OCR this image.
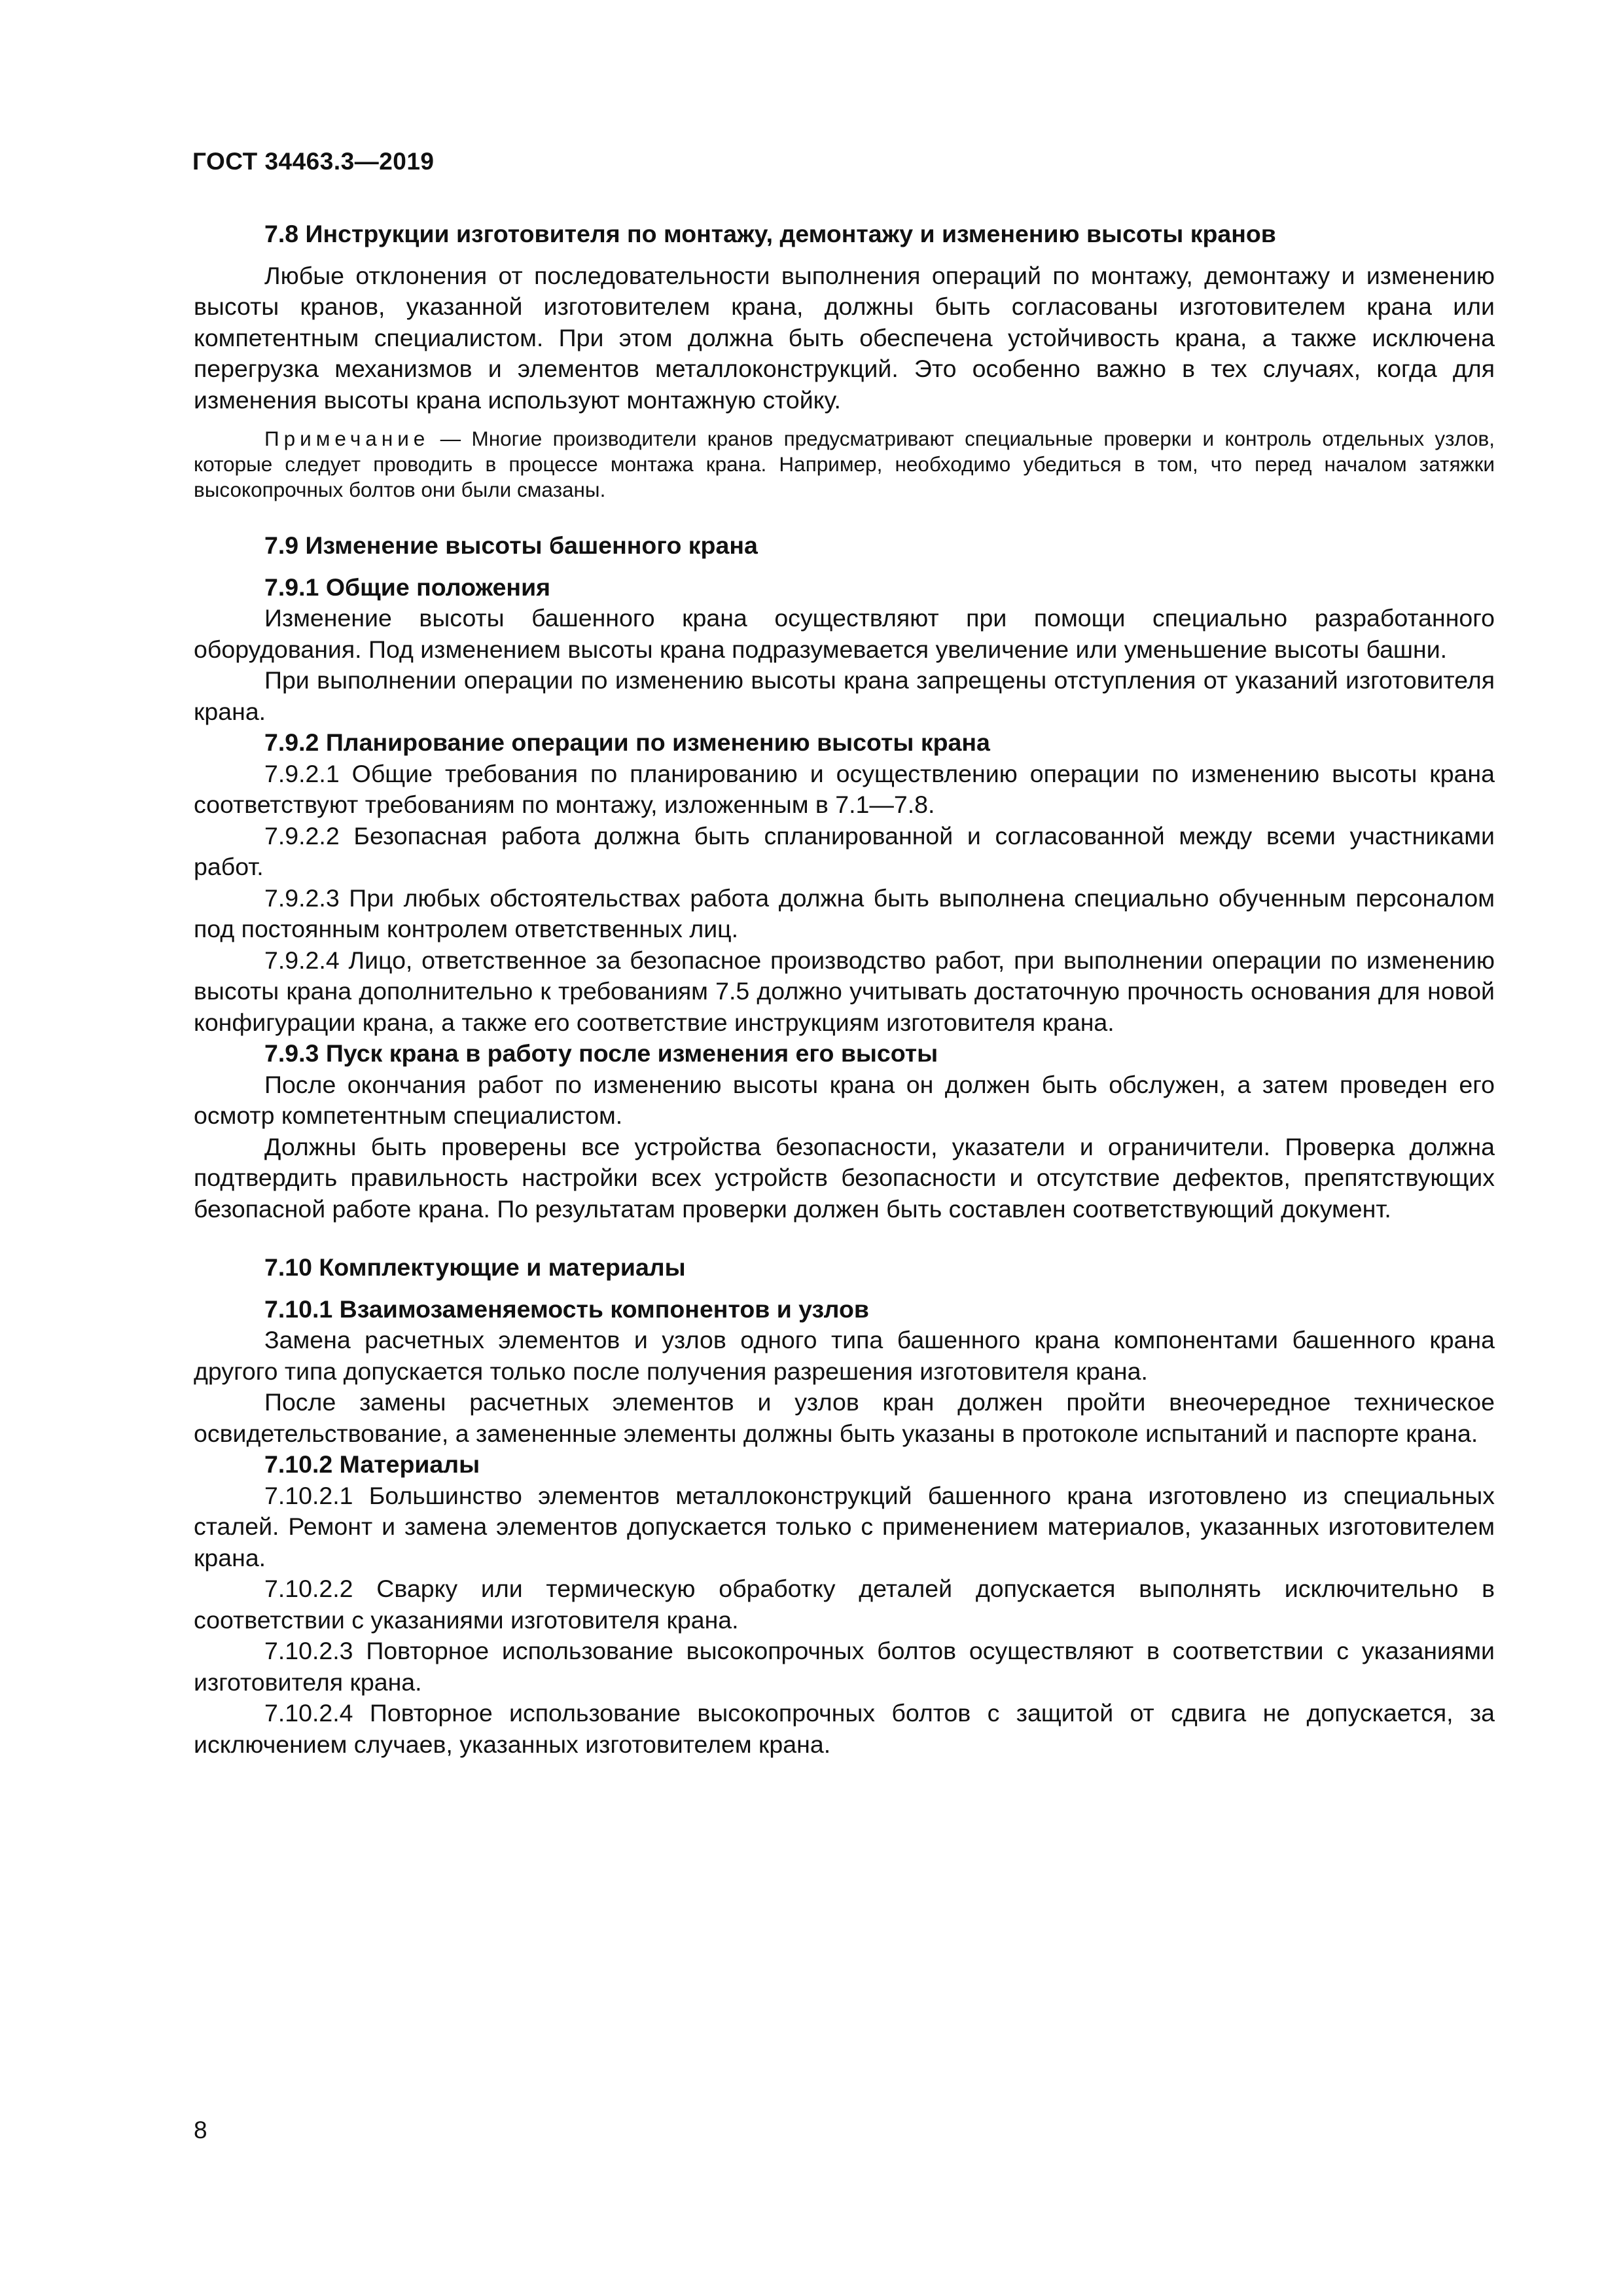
ГОСТ 34463.3—2019
7.8 Инструкции изготовителя по монтажу, демонтажу и изменению высоты кранов

Любые отклонения от последовательности выполнения операций по монтажу, демонтажу и изменению высоты кранов, указанной изготовителем крана, должны быть согласованы изготовителем крана или компетентным специалистом. При этом должна быть обеспечена устойчивость крана, а также исключена перегрузка механизмов и элементов металлоконструкций. Это особенно важно в тех случаях, когда для изменения высоты крана используют монтажную стойку.

Примечание — Многие производители кранов предусматривают специальные проверки и контроль отдельных узлов, которые следует проводить в процессе монтажа крана. Например, необходимо убедиться в том, что перед началом затяжки высокопрочных болтов они были смазаны.
7.9 Изменение высоты башенного крана
7.9.1 Общие положения

Изменение высоты башенного крана осуществляют при помощи специально разработанного оборудования. Под изменением высоты крана подразумевается увеличение или уменьшение высоты башни.

При выполнении операции по изменению высоты крана запрещены отступления от указаний изготовителя крана.

7.9.2 Планирование операции по изменению высоты крана

7.9.2.1 Общие требования по планированию и осуществлению операции по изменению высоты крана соответствуют требованиям по монтажу, изложенным в 7.1—7.8.

7.9.2.2 Безопасная работа должна быть спланированной и согласованной между всеми участниками работ.

7.9.2.3 При любых обстоятельствах работа должна быть выполнена специально обученным персоналом под постоянным контролем ответственных лиц.

7.9.2.4 Лицо, ответственное за безопасное производство работ, при выполнении операции по изменению высоты крана дополнительно к требованиям 7.5 должно учитывать достаточную прочность основания для новой конфигурации крана, а также его соответствие инструкциям изготовителя крана.

7.9.3 Пуск крана в работу после изменения его высоты

После окончания работ по изменению высоты крана он должен быть обслужен, а затем проведен его осмотр компетентным специалистом.

Должны быть проверены все устройства безопасности, указатели и ограничители. Проверка должна подтвердить правильность настройки всех устройств безопасности и отсутствие дефектов, препятствующих безопасной работе крана. По результатам проверки должен быть составлен соответствующий документ.

7.10 Комплектующие и материалы
7.10.1 Взаимозаменяемость компонентов и узлов

Замена расчетных элементов и узлов одного типа башенного крана компонентами башенного крана другого типа допускается только после получения разрешения изготовителя крана.

После замены расчетных элементов и узлов кран должен пройти внеочередное техническое освидетельствование, а замененные элементы должны быть указаны в протоколе испытаний и паспорте крана.

7.10.2 Материалы

7.10.2.1 Большинство элементов металлоконструкций башенного крана изготовлено из специальных сталей. Ремонт и замена элементов допускается только с применением материалов, указанных изготовителем крана.

7.10.2.2 Сварку или термическую обработку деталей допускается выполнять исключительно в соответствии с указаниями изготовителя крана.

7.10.2.3 Повторное использование высокопрочных болтов осуществляют в соответствии с указаниями изготовителя крана.

7.10.2.4 Повторное использование высокопрочных болтов с защитой от сдвига не допускается, за исключением случаев, указанных изготовителем крана.

8
